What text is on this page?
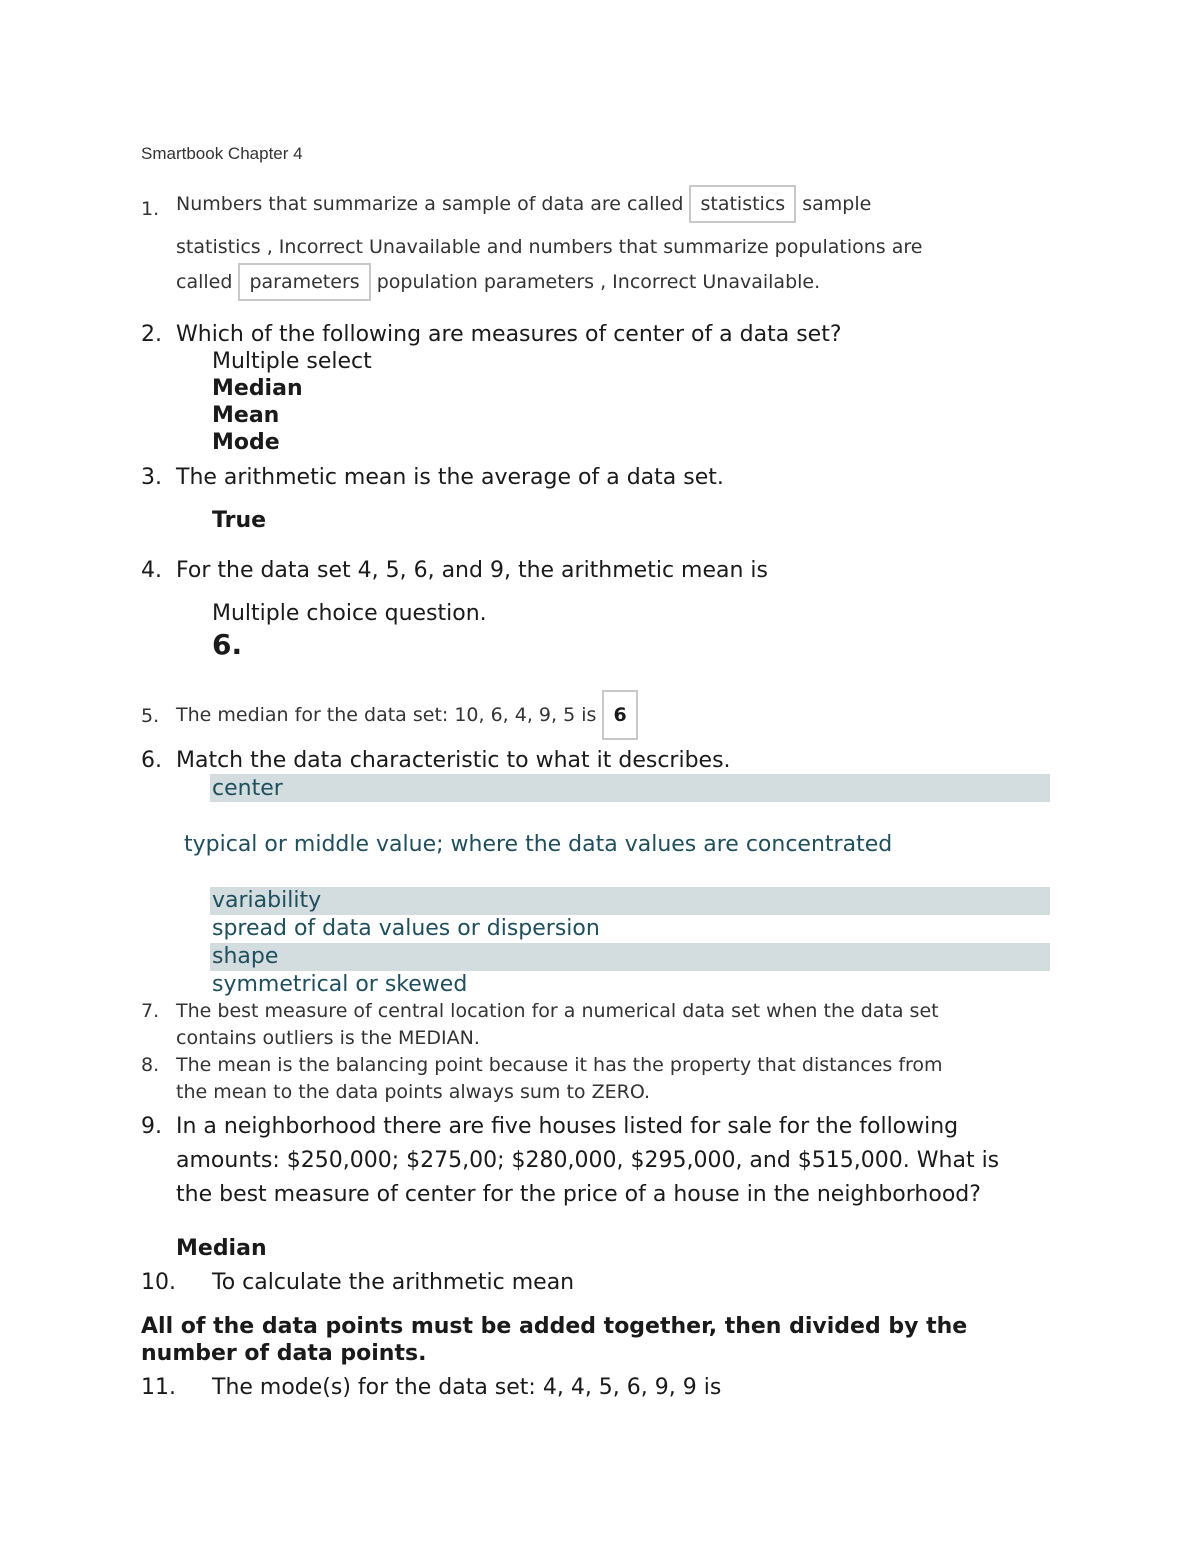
Smartbook Chapter 4
1. Numbers that summarize a sample of data are called statistics sample
statistics , Incorrect Unavailable and numbers that summarize populations are
called parameters population parameters , Incorrect Unavailable.
2. Which of the following are measures of center of a data set?
Multiple select
Median
Mean
Mode
3. The arithmetic mean is the average of a data set.
True
4. For the data set 4, 5, 6, and 9, the arithmetic mean is
Multiple choice question.
6.
5. The median for the data set: 10, 6, 4, 9, 5 is 6
6. Match the data characteristic to what it describes.
center
typical or middle value; where the data values are concentrated
variability
spread of data values or dispersion
shape
symmetrical or skewed
7. The best measure of central location for a numerical data set when the data set
contains outliers is the MEDIAN.
8. The mean is the balancing point because it has the property that distances from
the mean to the data points always sum to ZERO.
9. In a neighborhood there are five houses listed for sale for the following
amounts: $250,000; $275,00; $280,000, $295,000, and $515,000. What is
the best measure of center for the price of a house in the neighborhood?
Median
10. To calculate the arithmetic mean
All of the data points must be added together, then divided by the
number of data points.
11. The mode(s) for the data set: 4, 4, 5, 6, 9, 9 is
